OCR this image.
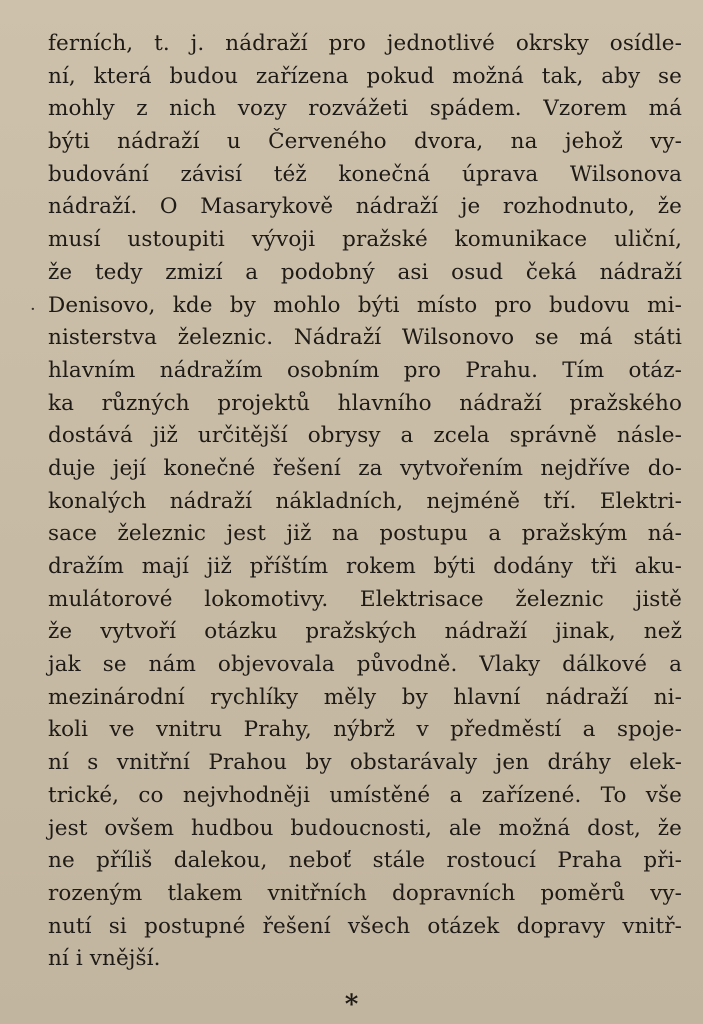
·
ferních, t. j. nádraží pro jednotlivé okrsky osídle-
ní, která budou zařízena pokud možná tak, aby se
mohly z nich vozy rozvážeti spádem. Vzorem má
býti nádraží u Červeného dvora, na jehož vy-
budování závisí též konečná úprava Wilsonova
nádraží. O Masarykově nádraží je rozhodnuto, že
musí ustoupiti vývoji pražské komunikace uliční,
že tedy zmizí a podobný asi osud čeká nádraží
Denisovo, kde by mohlo býti místo pro budovu mi-
nisterstva železnic. Nádraží Wilsonovo se má státi
hlavním nádražím osobním pro Prahu. Tím otáz-
ka různých projektů hlavního nádraží pražského
dostává již určitější obrysy a zcela správně násle-
duje její konečné řešení za vytvořením nejdříve do-
konalých nádraží nákladních, nejméně tří. Elektri-
sace železnic jest již na postupu a pražským ná-
dražím mají již příštím rokem býti dodány tři aku-
mulátorové lokomotivy. Elektrisace železnic jistě
že vytvoří otázku pražských nádraží jinak, než
jak se nám objevovala původně. Vlaky dálkové a
mezinárodní rychlíky měly by hlavní nádraží ni-
koli ve vnitru Prahy, nýbrž v předměstí a spoje-
ní s vnitřní Prahou by obstarávaly jen dráhy elek-
trické, co nejvhodněji umístěné a zařízené. To vše
jest ovšem hudbou budoucnosti, ale možná dost, že
ne příliš dalekou, neboť stále rostoucí Praha při-
rozeným tlakem vnitřních dopravních poměrů vy-
nutí si postupné řešení všech otázek dopravy vnitř-
ní i vnější.
*
